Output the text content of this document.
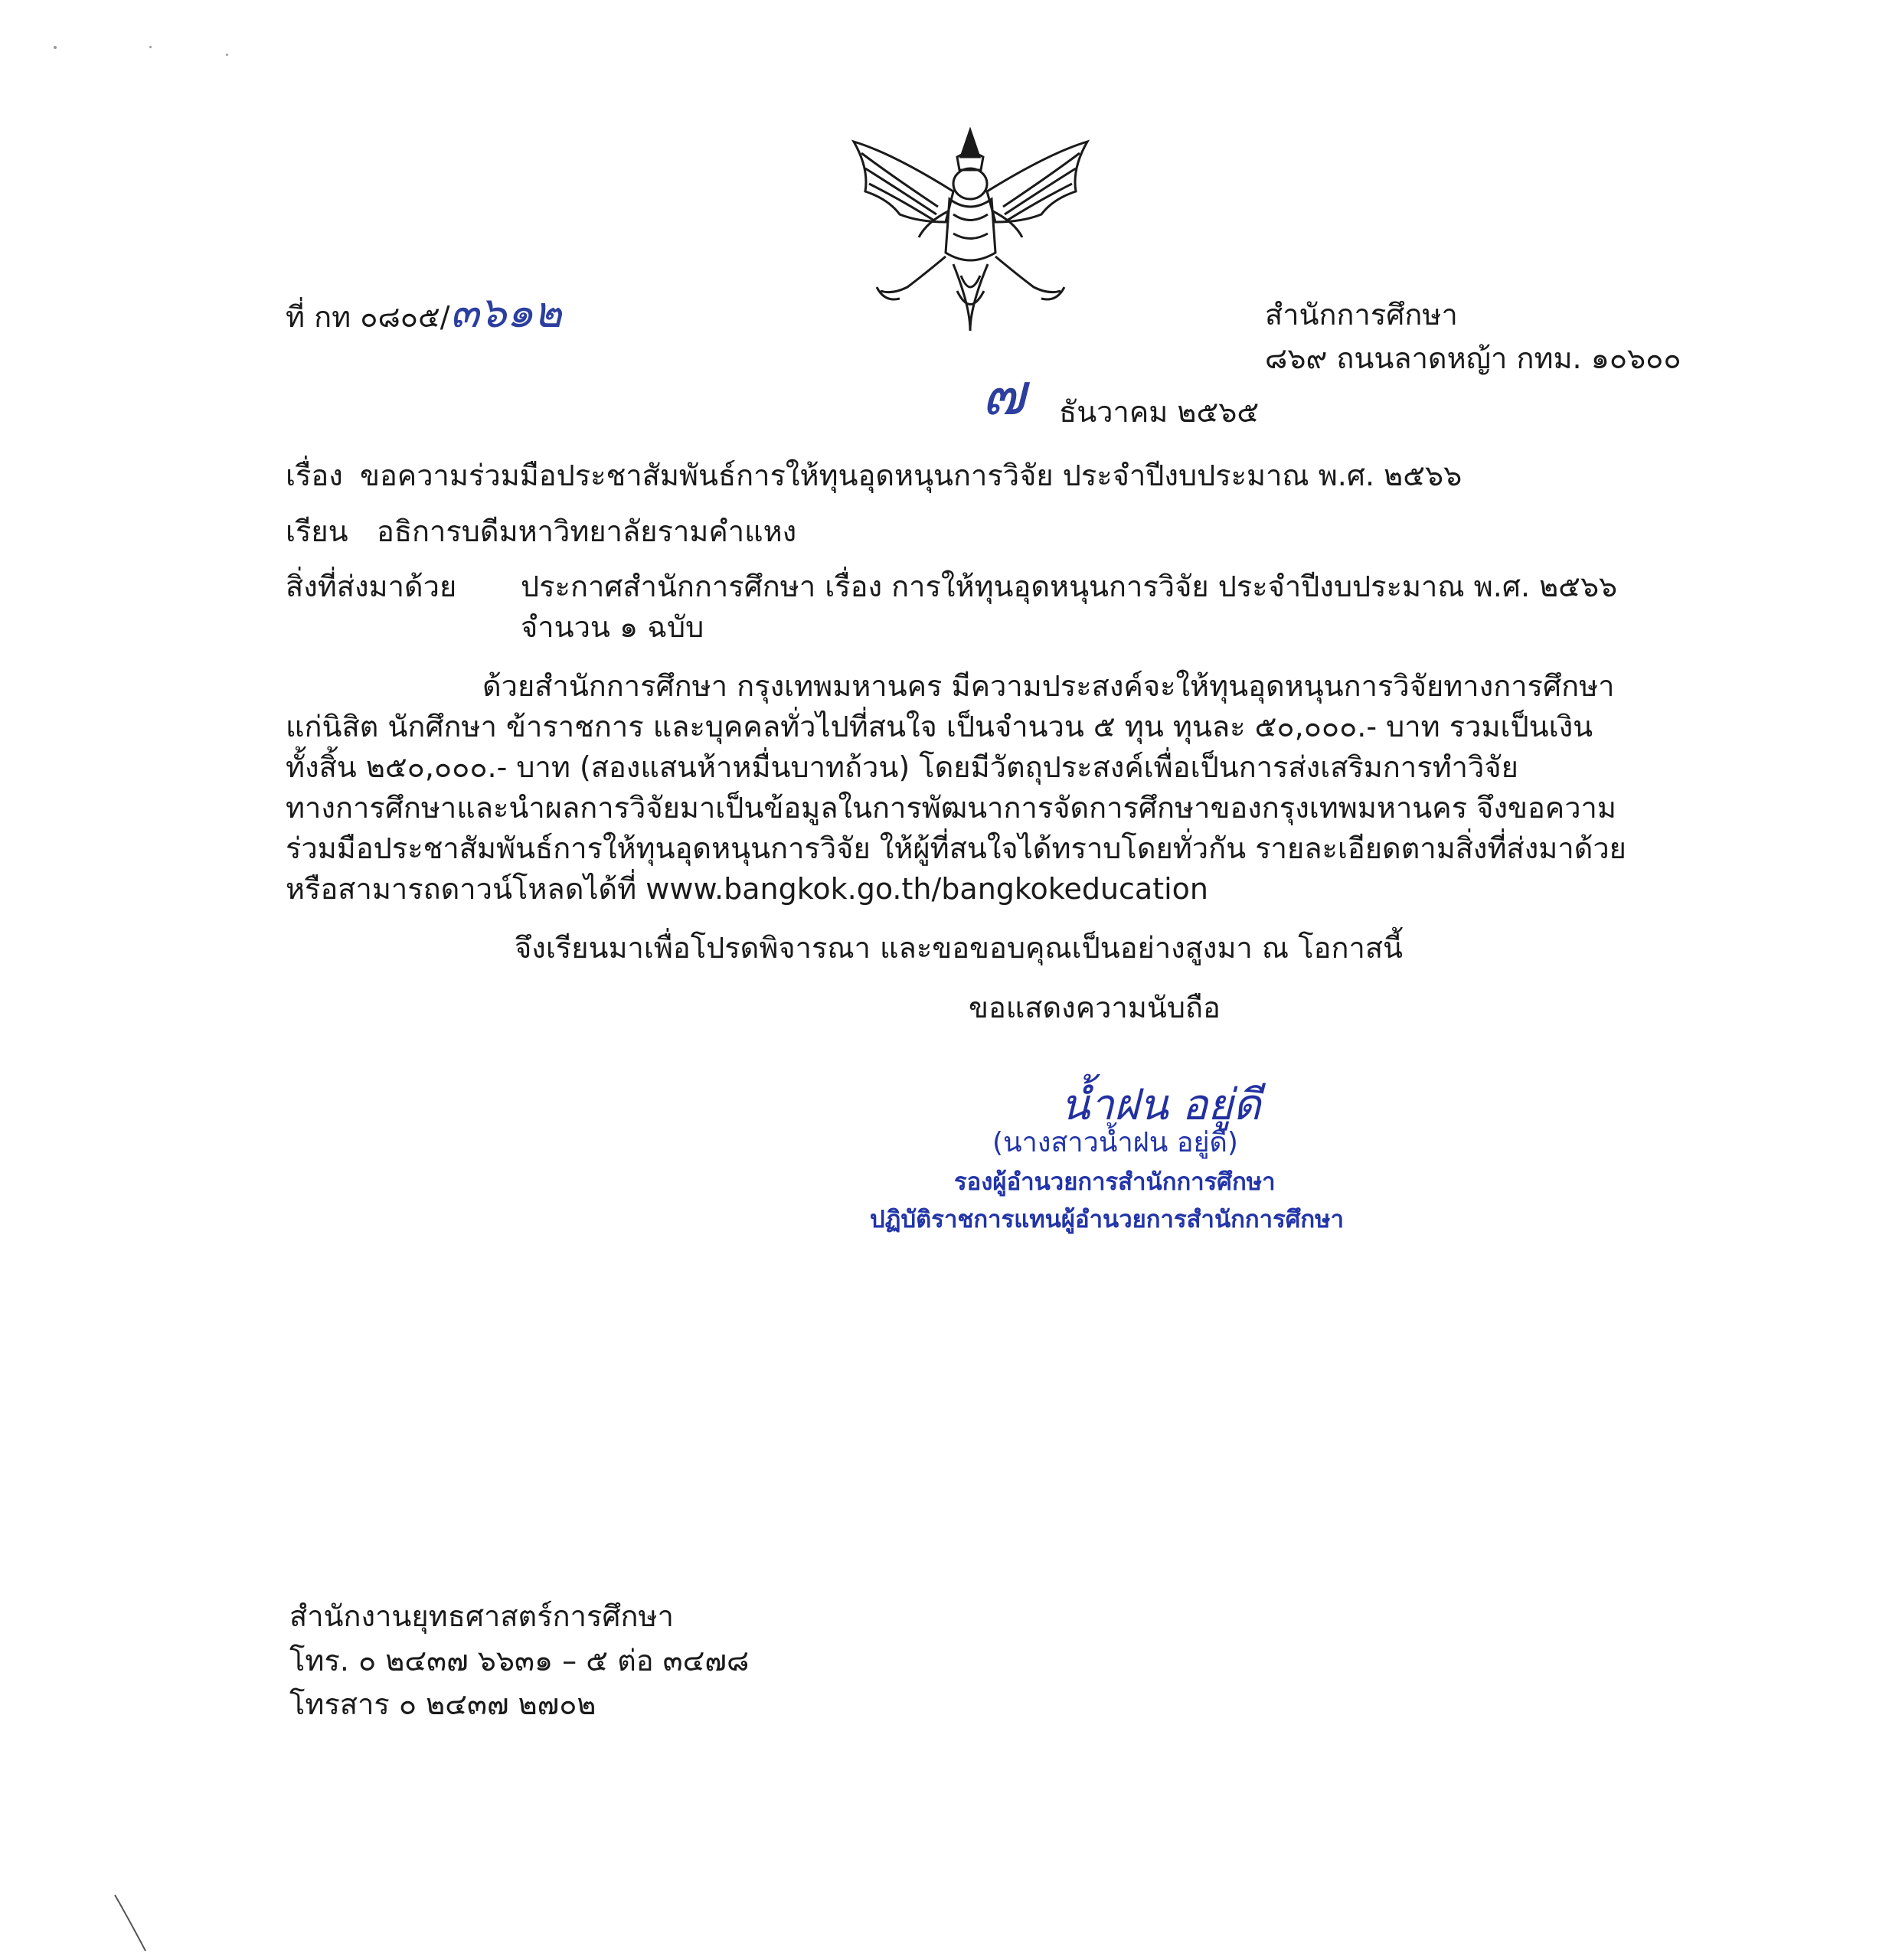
ที่ กท ๐๘๐๕/๓๖๑๒	สำนักการศึกษา
๘๖๙ ถนนลาดหญ้า กทม. ๑๐๖๐๐
๗ ธันวาคม ๒๕๖๕
เรื่อง ขอความร่วมมือประชาสัมพันธ์การให้ทุนอุดหนุนการวิจัย ประจำปีงบประมาณ พ.ศ. ๒๕๖๖
เรียน อธิการบดีมหาวิทยาลัยรามคำแหง
สิ่งที่ส่งมาด้วย ประกาศสำนักการศึกษา เรื่อง การให้ทุนอุดหนุนการวิจัย ประจำปีงบประมาณ พ.ศ. ๒๕๖๖
จำนวน ๑ ฉบับ
ด้วยสำนักการศึกษา กรุงเทพมหานคร มีความประสงค์จะให้ทุนอุดหนุนการวิจัยทางการศึกษา
แก่นิสิต นักศึกษา ข้าราชการ และบุคคลทั่วไปที่สนใจ เป็นจำนวน ๕ ทุน ทุนละ ๕๐,๐๐๐.- บาท รวมเป็นเงิน
ทั้งสิ้น ๒๕๐,๐๐๐.- บาท (สองแสนห้าหมื่นบาทถ้วน) โดยมีวัตถุประสงค์เพื่อเป็นการส่งเสริมการทำวิจัย
ทางการศึกษาและนำผลการวิจัยมาเป็นข้อมูลในการพัฒนาการจัดการศึกษาของกรุงเทพมหานคร จึงขอความ
ร่วมมือประชาสัมพันธ์การให้ทุนอุดหนุนการวิจัย ให้ผู้ที่สนใจได้ทราบโดยทั่วกัน รายละเอียดตามสิ่งที่ส่งมาด้วย
หรือสามารถดาวน์โหลดได้ที่ www.bangkok.go.th/bangkokeducation
จึงเรียนมาเพื่อโปรดพิจารณา และขอขอบคุณเป็นอย่างสูงมา ณ โอกาสนี้
ขอแสดงความนับถือ
น้ำฝน อยู่ดี
(นางสาวน้ำฝน อยู่ดี)
รองผู้อำนวยการสำนักการศึกษา
ปฏิบัติราชการแทนผู้อำนวยการสำนักการศึกษา
สำนักงานยุทธศาสตร์การศึกษา
โทร. ๐ ๒๔๓๗ ๖๖๓๑ – ๕ ต่อ ๓๔๗๘
โทรสาร ๐ ๒๔๓๗ ๒๗๐๒
